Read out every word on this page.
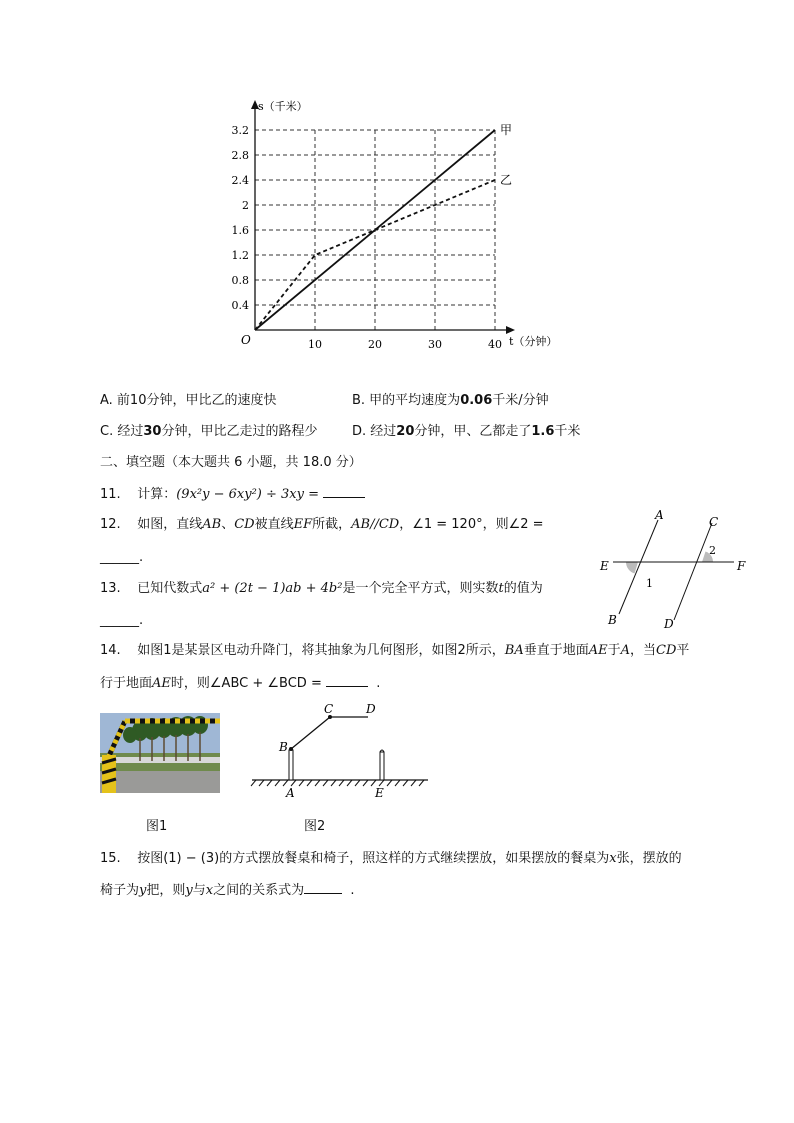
0.4
0.8
1.2
1.6
2
2.4
2.8
3.2
10	20	30	40
O
s（千米）
t（分钟）
甲
乙
A. 前10分钟，甲比乙的速度快	B. 甲的平均速度为0.06千米/分钟
C. 经过30分钟，甲比乙走过的路程少	D. 经过20分钟，甲、乙都走了1.6千米
二、填空题（本大题共 6 小题，共 18.0 分）
11. 计算：(9x²y − 6xy²) ÷ 3xy =
12. 如图，直线AB、CD被直线EF所截，AB//CD，∠1 = 120°，则∠2 =
______.
13. 已知代数式a² + (2t − 1)ab + 4b²是一个完全平方式，则实数t的值为
______.
A
B
C
D
E	F
1
2
14. 如图1是某景区电动升降门，将其抽象为几何图形，如图2所示，BA垂直于地面AE于A，当CD平
行于地面AE时，则∠ABC + ∠BCD =	.
A
B
C	D
E
图1	图2
15. 按图(1) − (3)的方式摆放餐桌和椅子，照这样的方式继续摆放，如果摆放的餐桌为x张，摆放的
椅子为y把，则y与x之间的关系式为	.
